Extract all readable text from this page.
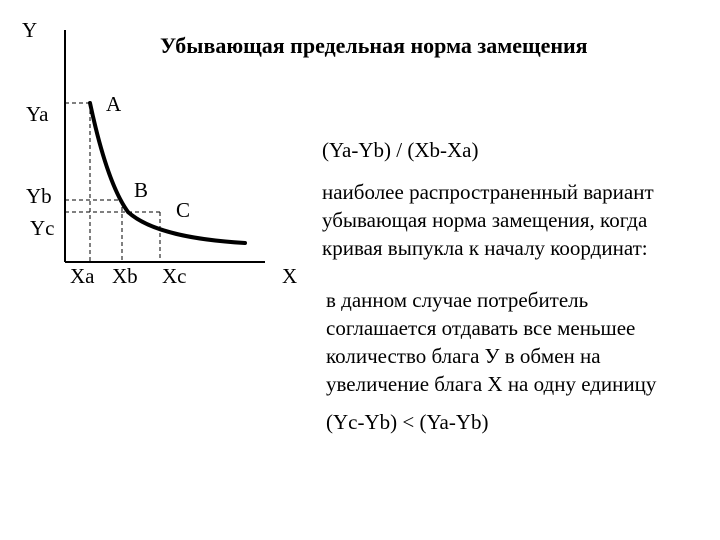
Y
Убывающая предельная норма замещения
Ya	A
(Ya-Yb) / (Xb-Xa)
Yb
Yc
B
C
Xa Xb Xc	X
наиболее распространенный вариант
убывающая норма замещения, когда
кривая выпукла к началу координат:
в данном случае потребитель
соглашается отдавать все меньшее
количество блага У в обмен на
увеличение блага Х на одну единицу
(Yc-Yb) < (Ya-Yb)
